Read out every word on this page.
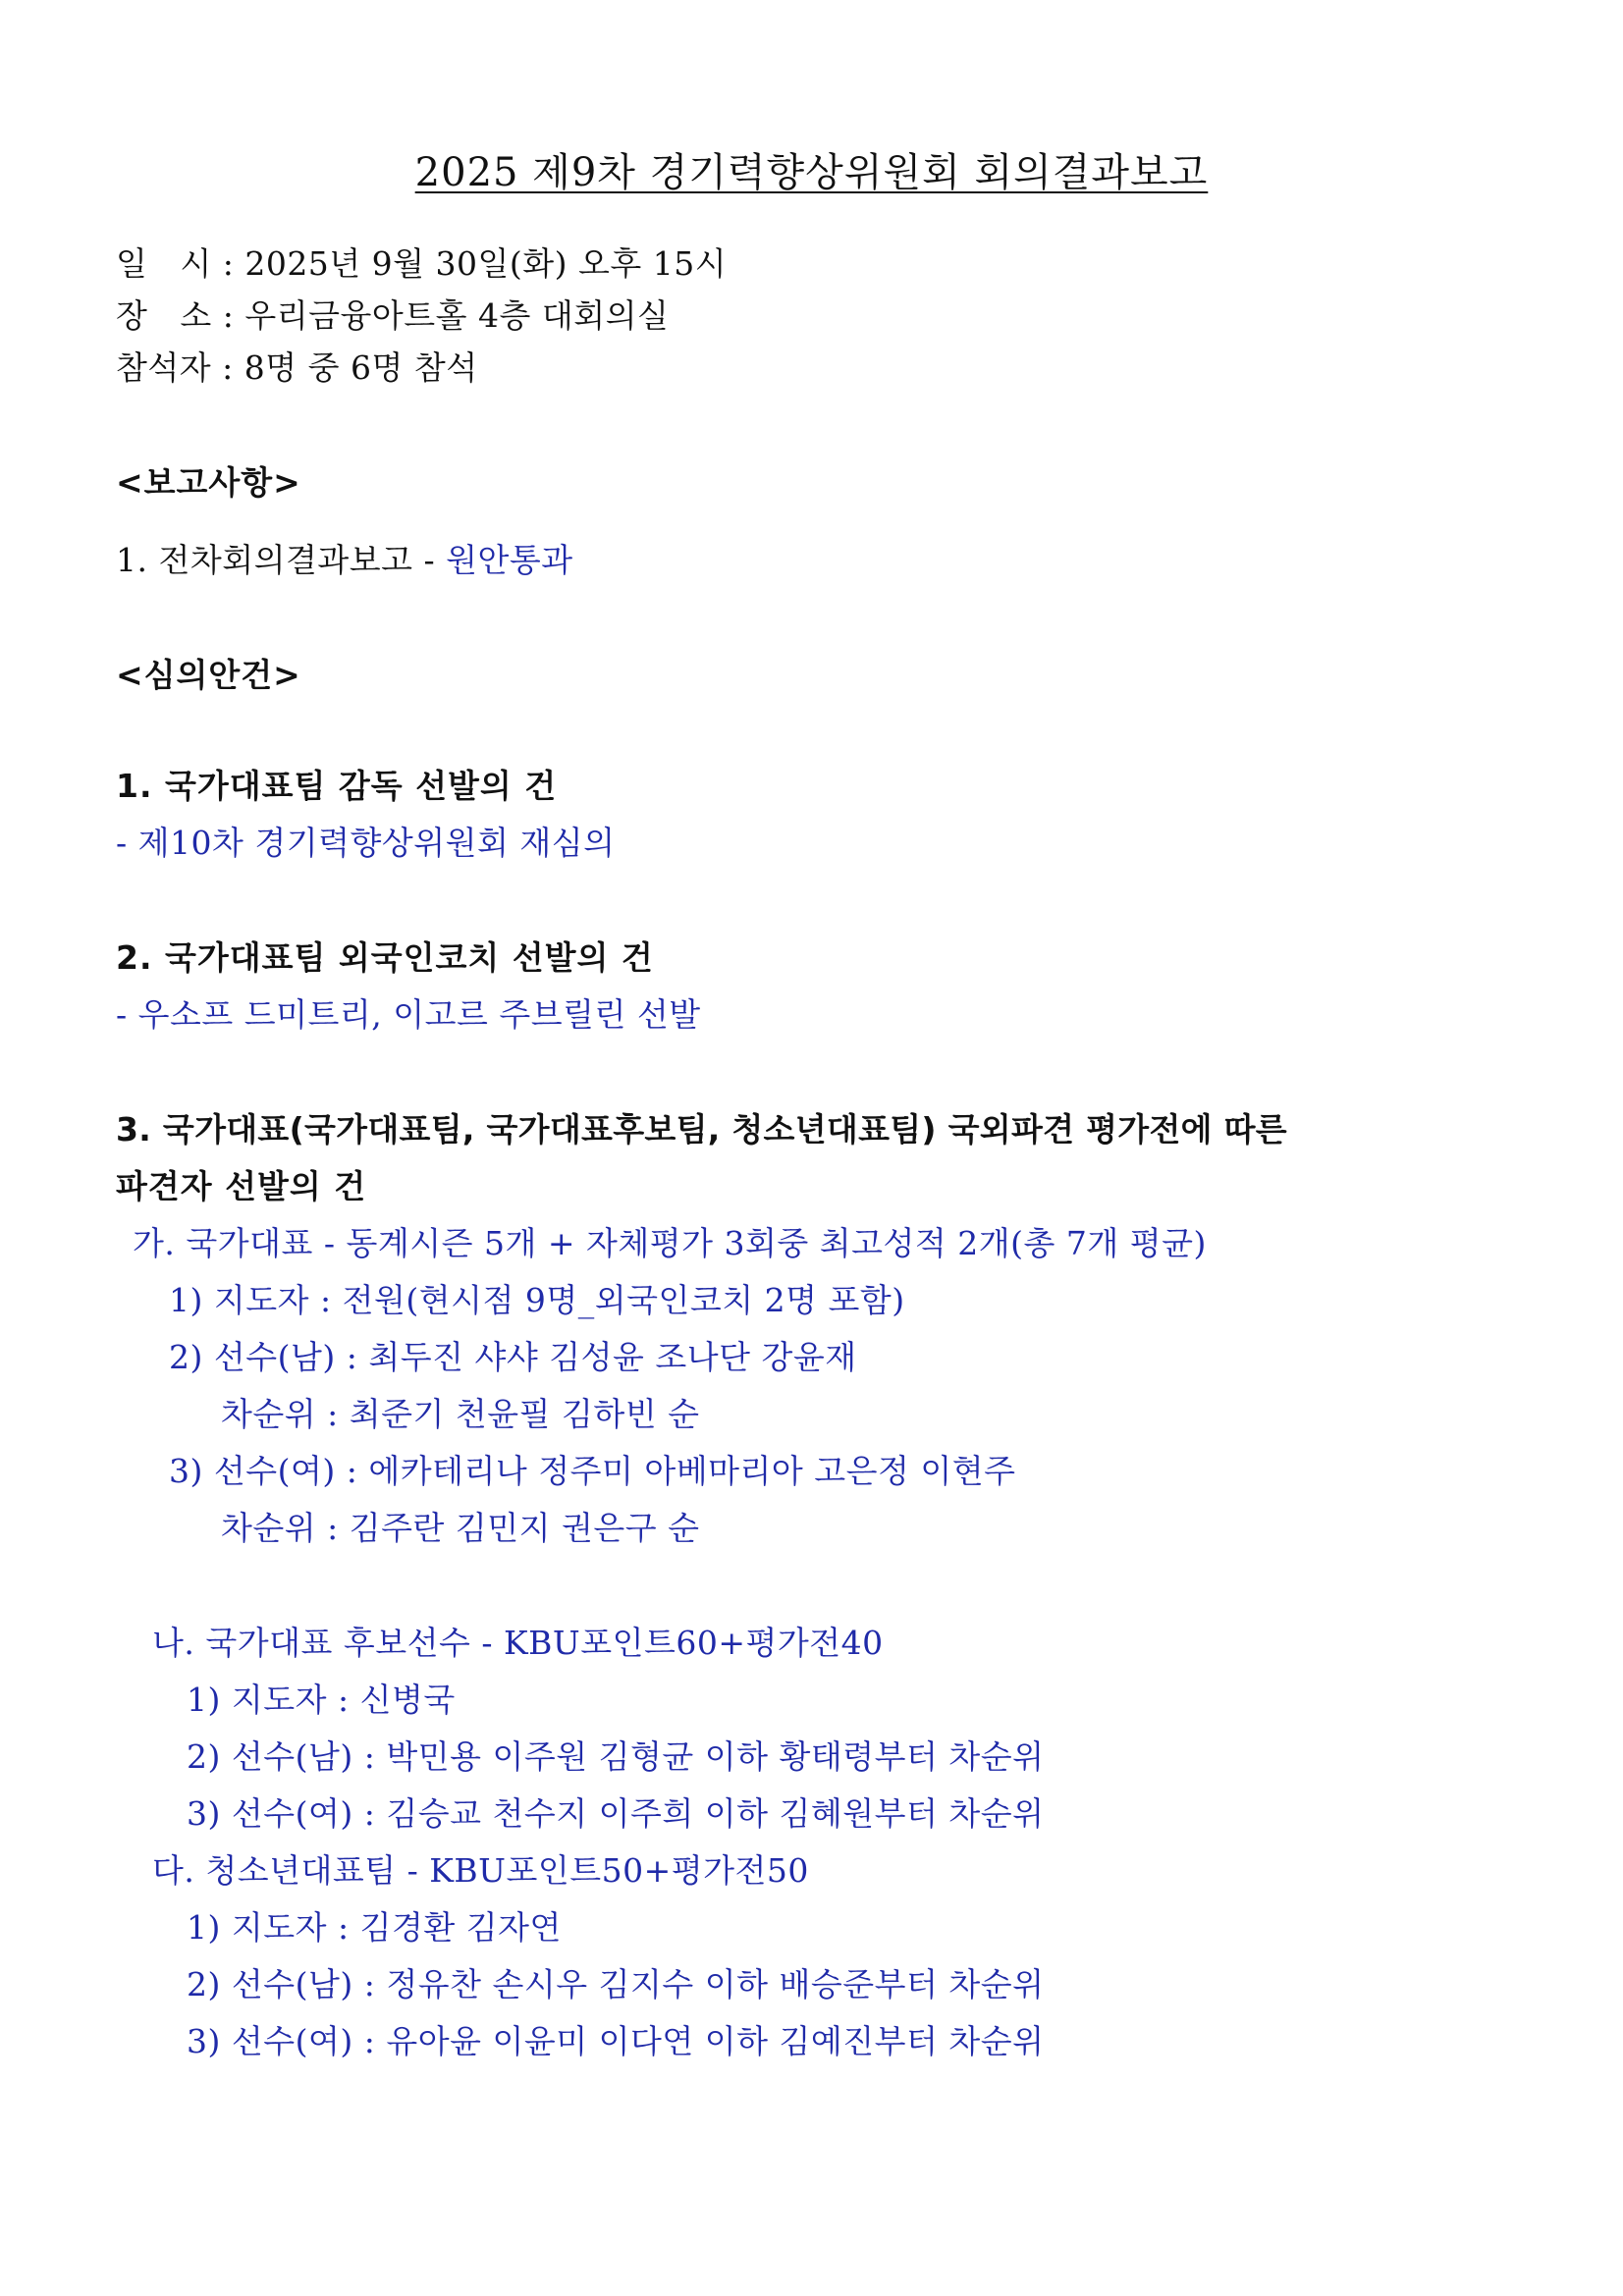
2025 제9차 경기력향상위원회 회의결과보고
일   시 : 2025년 9월 30일(화) 오후 15시
장   소 : 우리금융아트홀 4층 대회의실
참석자 : 8명 중 6명 참석
<보고사항>
1. 전차회의결과보고 - 원안통과
<심의안건>
1. 국가대표팀 감독 선발의 건
- 제10차 경기력향상위원회 재심의
2. 국가대표팀 외국인코치 선발의 건
- 우소프 드미트리, 이고르 주브릴린 선발
3. 국가대표(국가대표팀, 국가대표후보팀, 청소년대표팀) 국외파견 평가전에 따른
파견자 선발의 건
가. 국가대표 - 동계시즌 5개 + 자체평가 3회중 최고성적 2개(총 7개 평균)
1) 지도자 : 전원(현시점 9명_외국인코치 2명 포함)
2) 선수(남) : 최두진 샤샤 김성윤 조나단 강윤재
차순위 : 최준기 천윤필 김하빈 순
3) 선수(여) : 에카테리나 정주미 아베마리아 고은정 이현주
차순위 : 김주란 김민지 권은구 순
나. 국가대표 후보선수 - KBU포인트60+평가전40
1) 지도자 : 신병국
2) 선수(남) : 박민용 이주원 김형균 이하 황태령부터 차순위
3) 선수(여) : 김승교 천수지 이주희 이하 김혜원부터 차순위
다. 청소년대표팀 - KBU포인트50+평가전50
1) 지도자 : 김경환 김자연
2) 선수(남) : 정유찬 손시우 김지수 이하 배승준부터 차순위
3) 선수(여) : 유아윤 이윤미 이다연 이하 김예진부터 차순위
